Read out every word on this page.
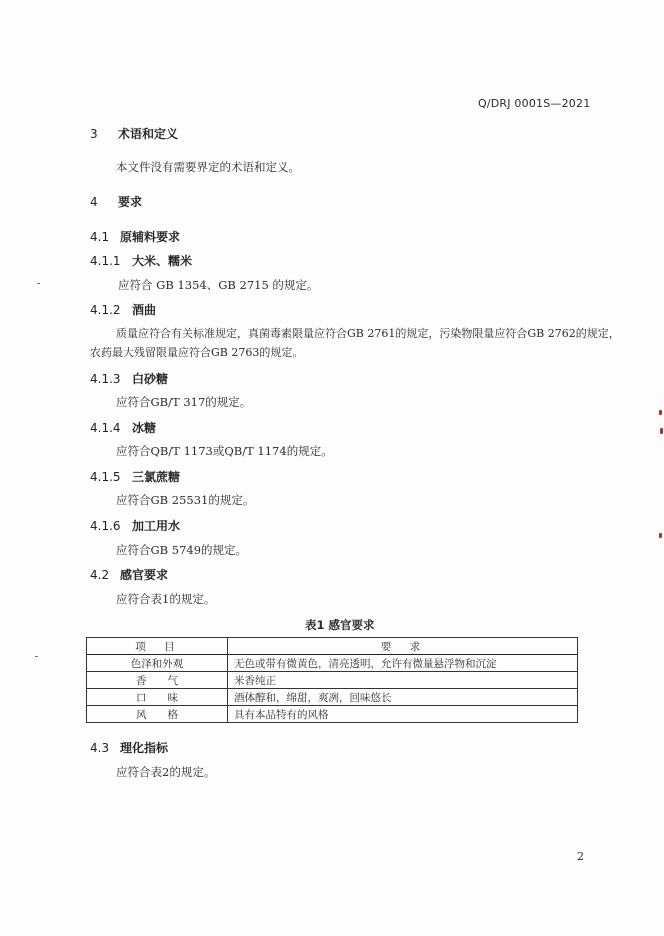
Q/DRJ 0001S—2021
3 术语和定义
本文件没有需要界定的术语和定义。
4 要求
4.1 原辅料要求
4.1.1 大米、糯米
应符合 GB 1354、GB 2715 的规定。
4.1.2 酒曲
质量应符合有关标准规定，真菌毒素限量应符合GB 2761的规定，污染物限量应符合GB 2762的规定，
农药最大残留限量应符合GB 2763的规定。
4.1.3 白砂糖
应符合GB/T 317的规定。
4.1.4 冰糖
应符合QB/T 1173或QB/T 1174的规定。
4.1.5 三氯蔗糖
应符合GB 25531的规定。
4.1.6 加工用水
应符合GB 5749的规定。
4.2 感官要求
应符合表1的规定。
表1 感官要求
项　目	要　求
色泽和外观	无色或带有微黄色，清亮透明，允许有微量悬浮物和沉淀
香　　气	米香纯正
口　　味	酒体醇和，绵甜，爽冽，回味悠长
风　　格	具有本品特有的风格
4.3 理化指标
应符合表2的规定。
2
